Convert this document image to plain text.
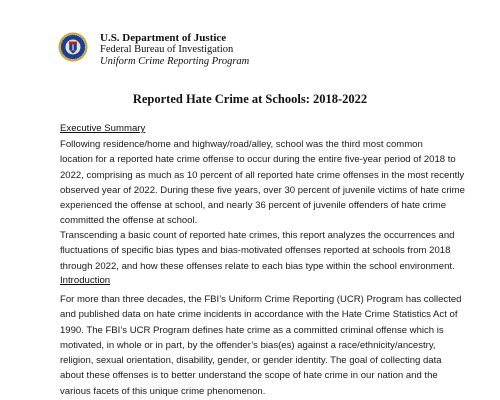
U.S. Department of Justice
Federal Bureau of Investigation
Uniform Crime Reporting Program
Reported Hate Crime at Schools: 2018-2022
Executive Summary
Following residence/home and highway/road/alley, school was the third most common
location for a reported hate crime offense to occur during the entire five-year period of 2018 to
2022, comprising as much as 10 percent of all reported hate crime offenses in the most recently
observed year of 2022. During these five years, over 30 percent of juvenile victims of hate crime
experienced the offense at school, and nearly 36 percent of juvenile offenders of hate crime
committed the offense at school.
Transcending a basic count of reported hate crimes, this report analyzes the occurrences and
fluctuations of specific bias types and bias-motivated offenses reported at schools from 2018
through 2022, and how these offenses relate to each bias type within the school environment.
Introduction
For more than three decades, the FBI’s Uniform Crime Reporting (UCR) Program has collected
and published data on hate crime incidents in accordance with the Hate Crime Statistics Act of
1990. The FBI’s UCR Program defines hate crime as a committed criminal offense which is
motivated, in whole or in part, by the offender’s bias(es) against a race/ethnicity/ancestry,
religion, sexual orientation, disability, gender, or gender identity. The goal of collecting data
about these offenses is to better understand the scope of hate crime in our nation and the
various facets of this unique crime phenomenon.
